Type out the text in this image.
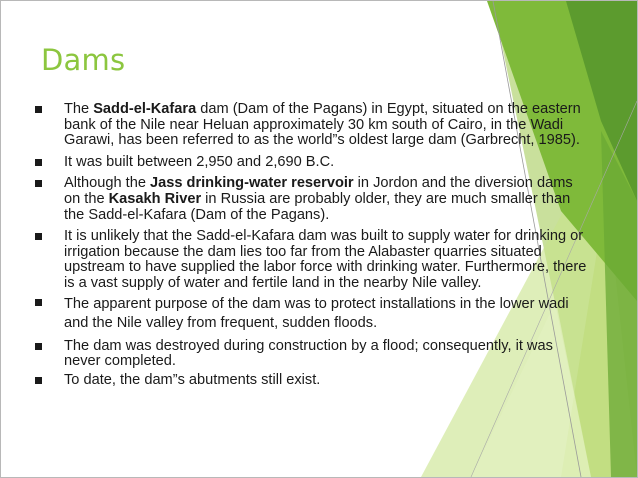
Dams
The Sadd-el-Kafara dam (Dam of the Pagans) in Egypt, situated on the eastern bank of the Nile near Heluan approximately 30 km south of Cairo, in the Wadi Garawi, has been referred to as the world”s oldest large dam (Garbrecht, 1985).
It was built between 2,950 and 2,690 B.C.
Although the Jass drinking-water reservoir in Jordon and the diversion dams on the Kasakh River in Russia are probably older, they are much smaller than the Sadd-el-Kafara (Dam of the Pagans).
It is unlikely that the Sadd-el-Kafara dam was built to supply water for drinking or irrigation because the dam lies too far from the Alabaster quarries situated upstream to have supplied the labor force with drinking water. Furthermore, there is a vast supply of water and fertile land in the nearby Nile valley.
The apparent purpose of the dam was to protect installations in the lower wadi and the Nile valley from frequent, sudden floods.
The dam was destroyed during construction by a flood; consequently, it was never completed.
To date, the dam”s abutments still exist.
